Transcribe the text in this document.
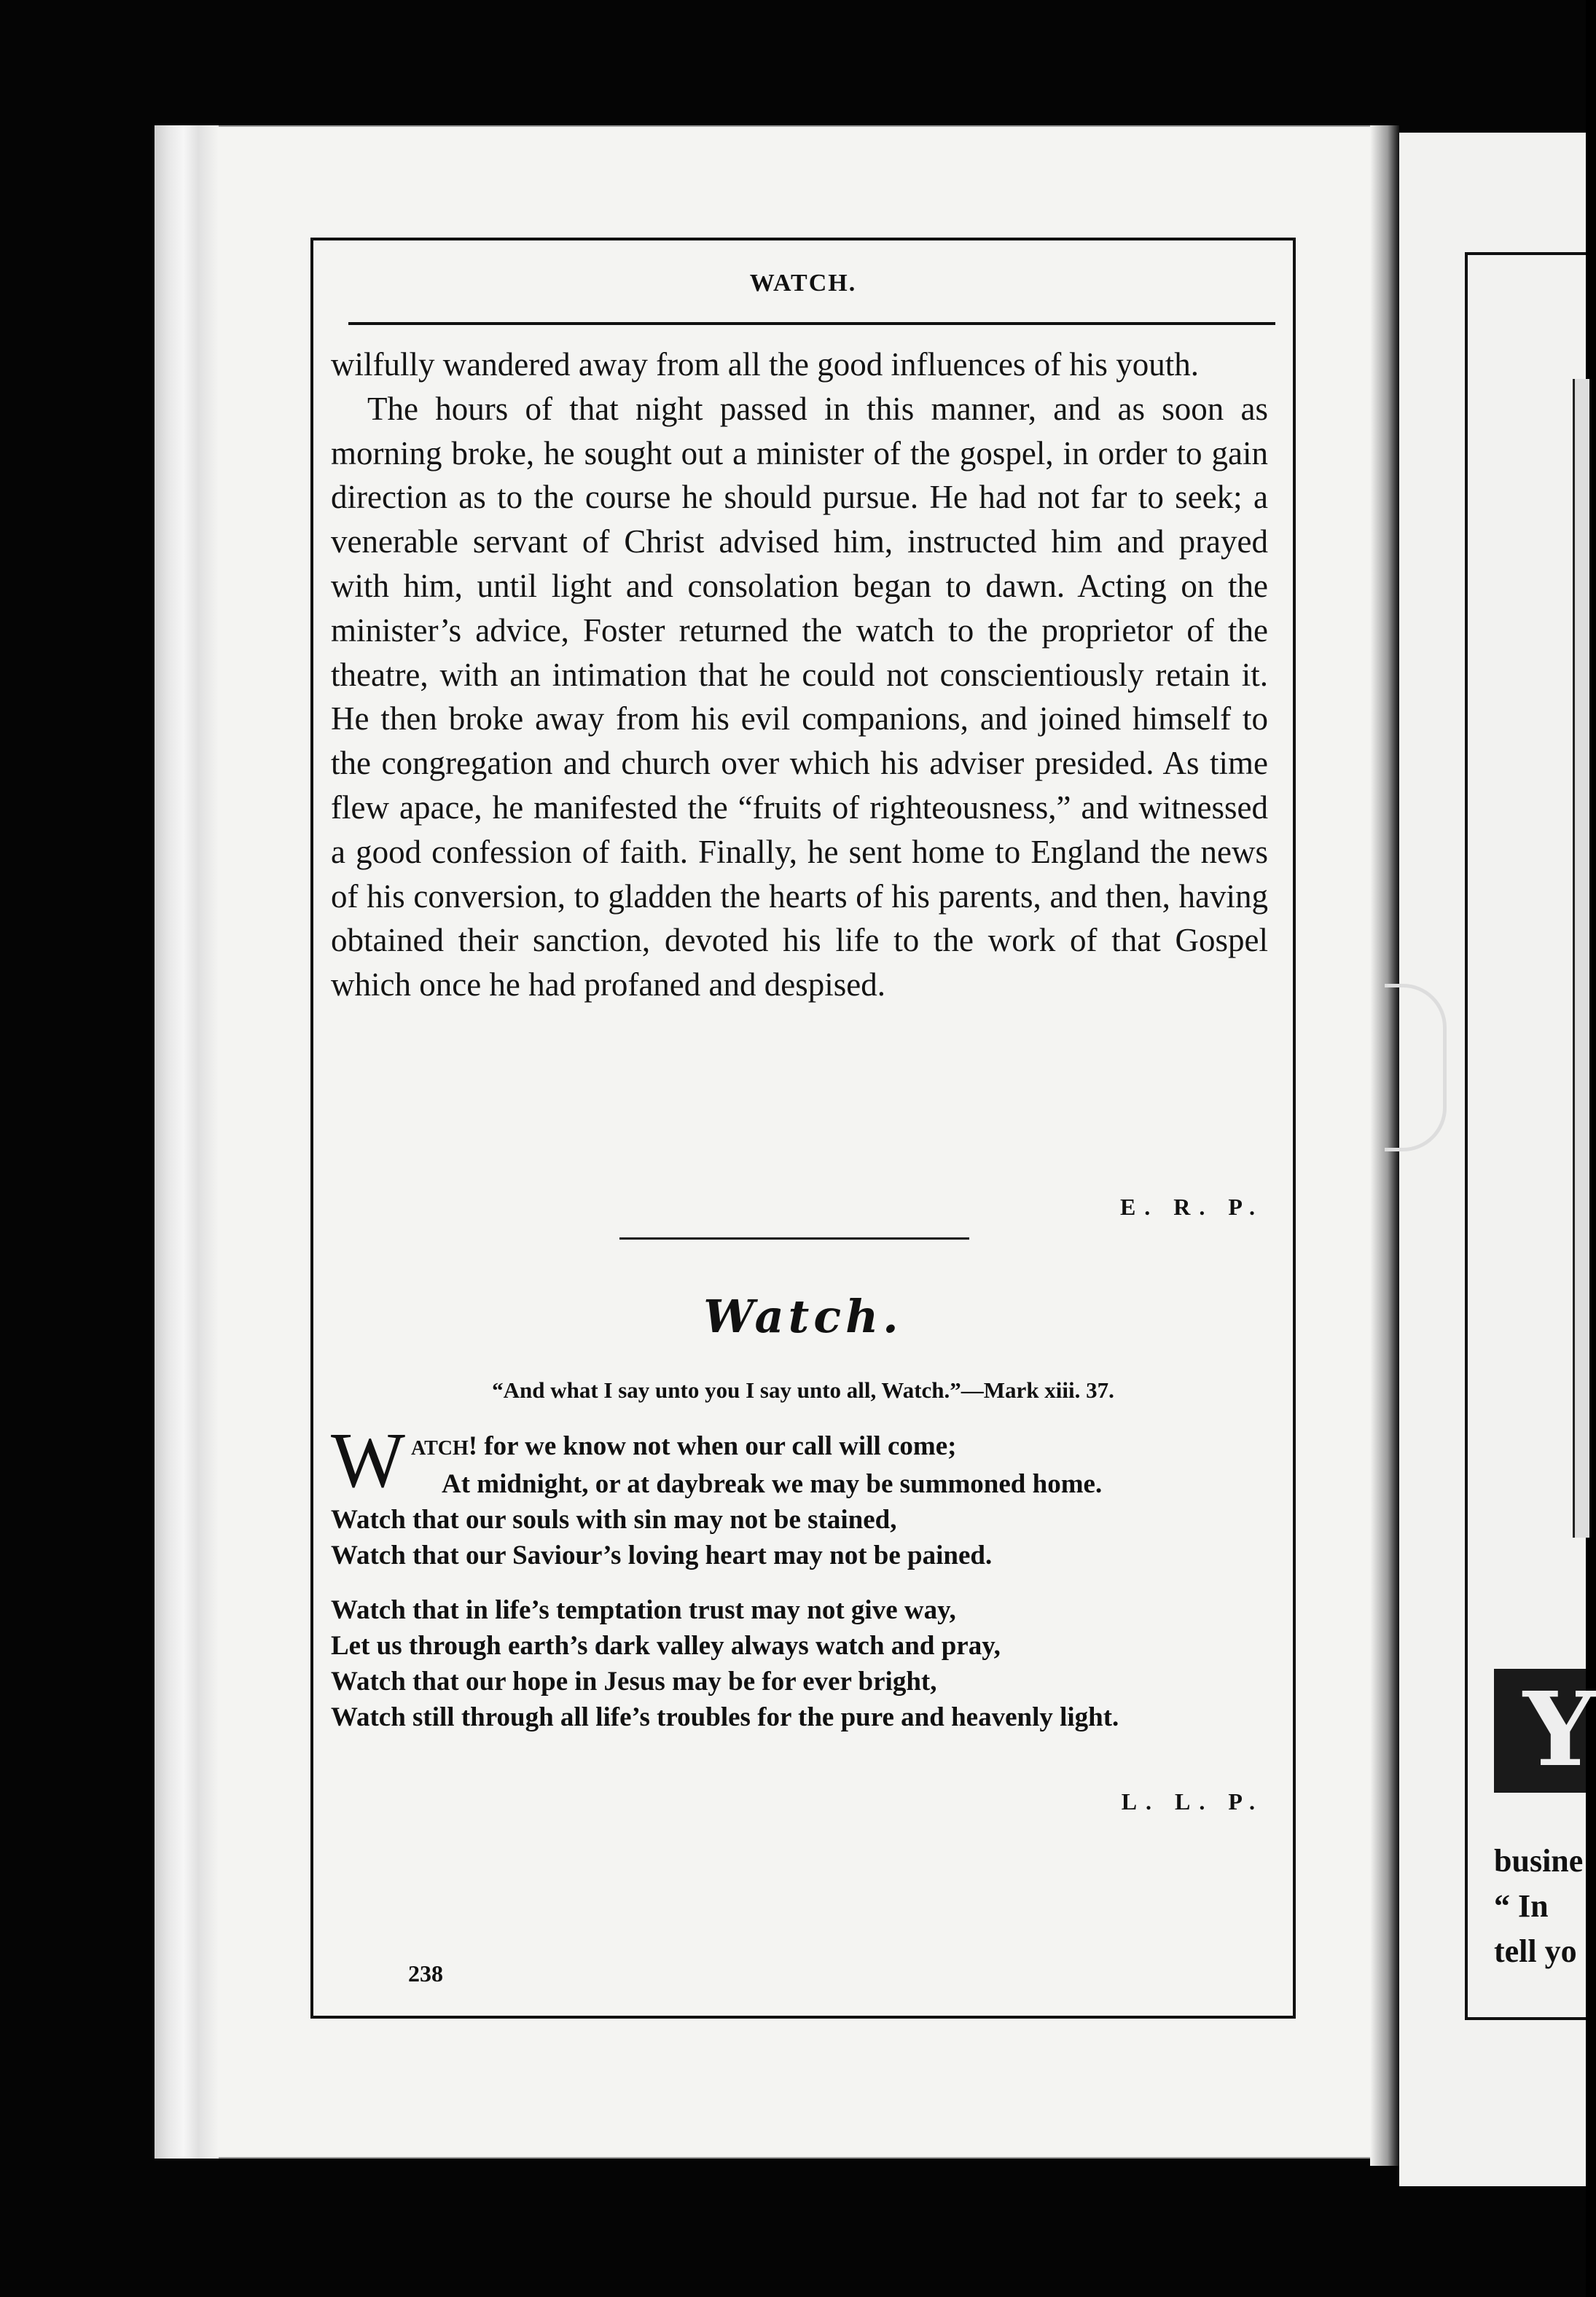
Y
busine
“ In
tell yo
WATCH.

wilfully wandered away from all the good influences of his youth.

The hours of that night passed in this manner, and as soon as morning broke, he sought out a minister of the gospel, in order to gain direction as to the course he should pursue. He had not far to seek; a venerable servant of Christ advised him, instructed him and prayed with him, until light and consolation began to dawn. Acting on the minister’s advice, Foster returned the watch to the proprietor of the theatre, with an intimation that he could not conscientiously retain it. He then broke away from his evil companions, and joined himself to the congregation and church over which his adviser presided. As time flew apace, he manifested the “fruits of righteousness,” and witnessed a good confession of faith. Finally, he sent home to England the news of his conversion, to gladden the hearts of his parents, and then, having obtained their sanction, devoted his life to the work of that Gospel which once he had profaned and despised.

E. R. P.
Watch.
“And what I say unto you I say unto all, Watch.”—Mark xiii. 37.
WATCH! for we know not when our call will come;
At midnight, or at daybreak we may be summoned home.
Watch that our souls with sin may not be stained,
Watch that our Saviour’s loving heart may not be pained.
Watch that in life’s temptation trust may not give way,
Let us through earth’s dark valley always watch and pray,
Watch that our hope in Jesus may be for ever bright,
Watch still through all life’s troubles for the pure and heavenly light.
L. L. P.
238
